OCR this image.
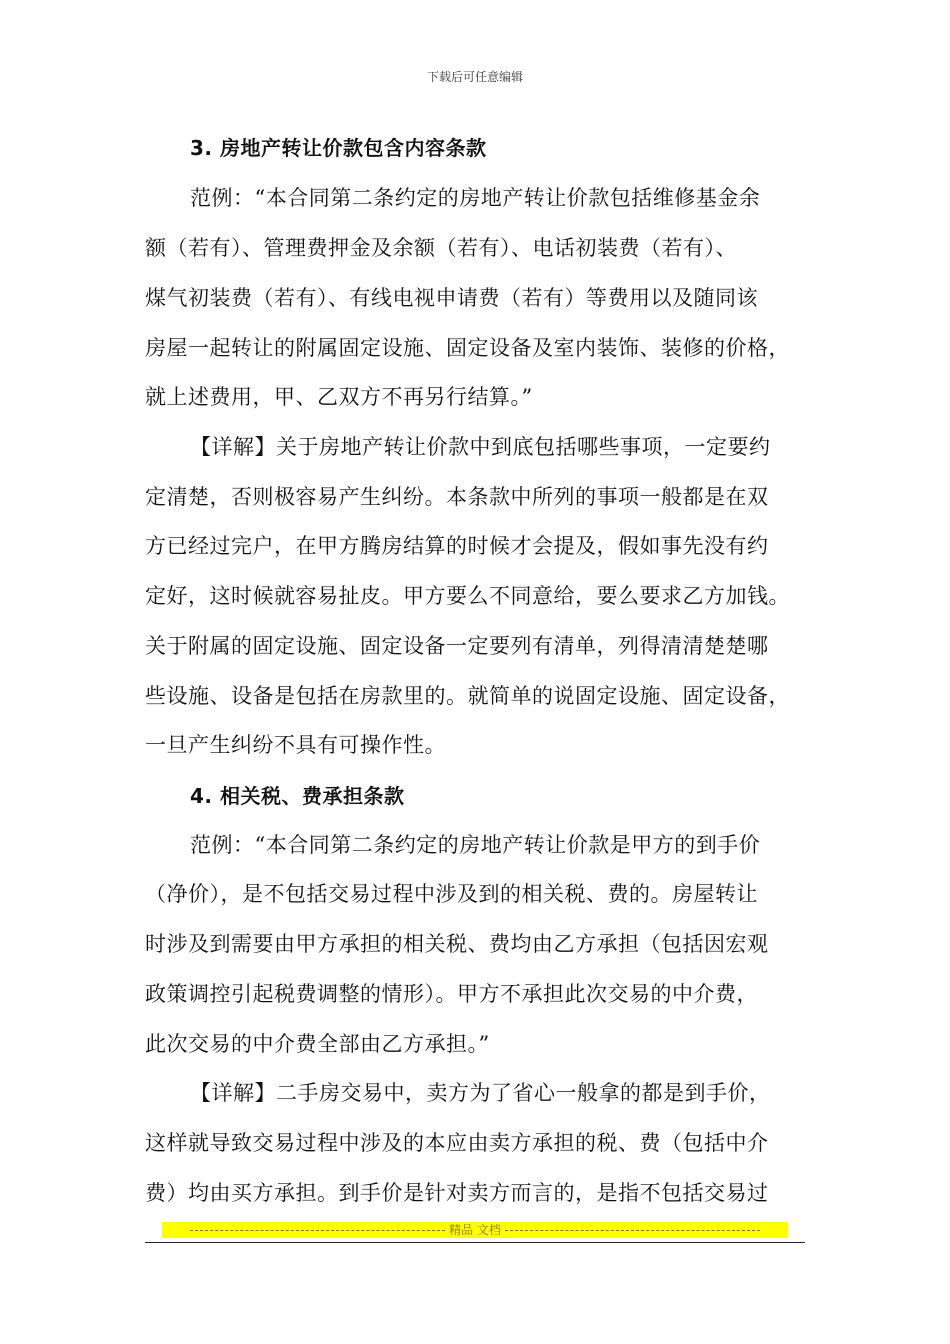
下载后可任意编辑
3. 房地产转让价款包含内容条款
范例：“本合同第二条约定的房地产转让价款包括维修基金余
额（若有）、管理费押金及余额（若有）、电话初装费（若有）、
煤气初装费（若有）、有线电视申请费（若有）等费用以及随同该
房屋一起转让的附属固定设施、固定设备及室内装饰、装修的价格，
就上述费用，甲、乙双方不再另行结算。”
【详解】关于房地产转让价款中到底包括哪些事项，一定要约
定清楚，否则极容易产生纠纷。本条款中所列的事项一般都是在双
方已经过完户，在甲方腾房结算的时候才会提及，假如事先没有约
定好，这时候就容易扯皮。甲方要么不同意给，要么要求乙方加钱。
关于附属的固定设施、固定设备一定要列有清单，列得清清楚楚哪
些设施、设备是包括在房款里的。就简单的说固定设施、固定设备，
一旦产生纠纷不具有可操作性。
4. 相关税、费承担条款
范例：“本合同第二条约定的房地产转让价款是甲方的到手价
（净价），是不包括交易过程中涉及到的相关税、费的。房屋转让
时涉及到需要由甲方承担的相关税、费均由乙方承担（包括因宏观
政策调控引起税费调整的情形）。甲方不承担此次交易的中介费，
此次交易的中介费全部由乙方承担。”
【详解】二手房交易中，卖方为了省心一般拿的都是到手价，
这样就导致交易过程中涉及的本应由卖方承担的税、费（包括中介
费）均由买方承担。到手价是针对卖方而言的，是指不包括交易过
精品 文档
